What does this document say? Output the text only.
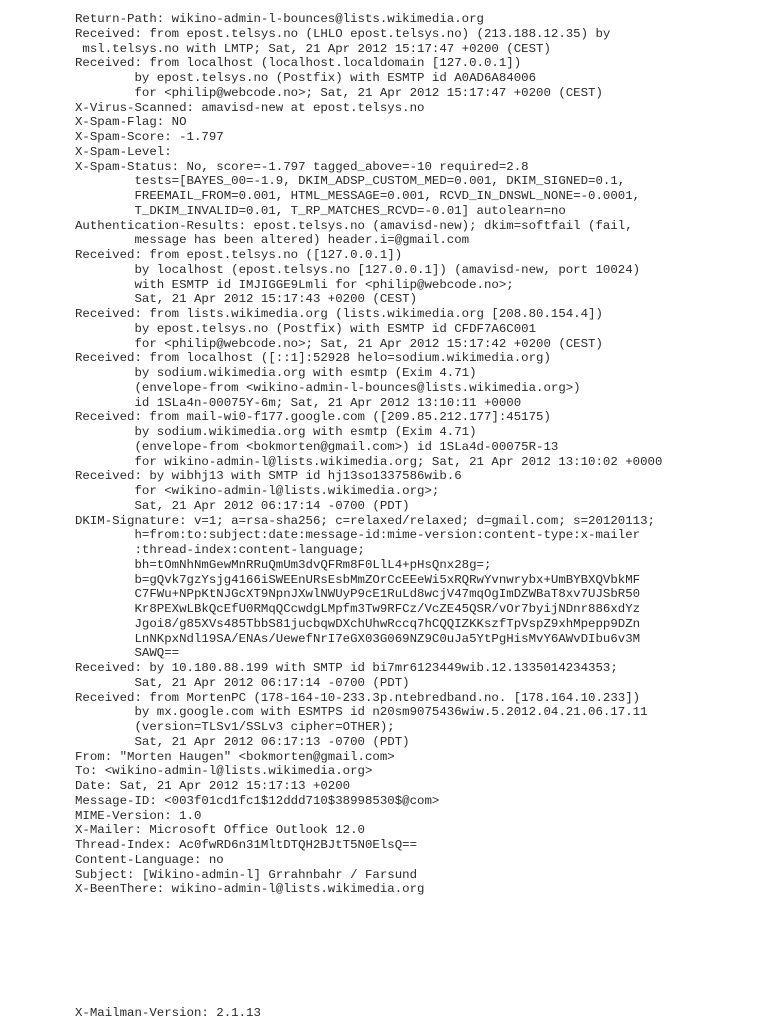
Return-Path: wikino-admin-l-bounces@lists.wikimedia.org
Received: from epost.telsys.no (LHLO epost.telsys.no) (213.188.12.35) by
msl.telsys.no with LMTP; Sat, 21 Apr 2012 15:17:47 +0200 (CEST)
Received: from localhost (localhost.localdomain [127.0.0.1])
by epost.telsys.no (Postfix) with ESMTP id A0AD6A84006
for <philip@webcode.no>; Sat, 21 Apr 2012 15:17:47 +0200 (CEST)
X-Virus-Scanned: amavisd-new at epost.telsys.no
X-Spam-Flag: NO
X-Spam-Score: -1.797
X-Spam-Level:
X-Spam-Status: No, score=-1.797 tagged_above=-10 required=2.8
tests=[BAYES_00=-1.9, DKIM_ADSP_CUSTOM_MED=0.001, DKIM_SIGNED=0.1,
FREEMAIL_FROM=0.001, HTML_MESSAGE=0.001, RCVD_IN_DNSWL_NONE=-0.0001,
T_DKIM_INVALID=0.01, T_RP_MATCHES_RCVD=-0.01] autolearn=no
Authentication-Results: epost.telsys.no (amavisd-new); dkim=softfail (fail,
message has been altered) header.i=@gmail.com
Received: from epost.telsys.no ([127.0.0.1])
by localhost (epost.telsys.no [127.0.0.1]) (amavisd-new, port 10024)
with ESMTP id IMJIGGE9Lmli for <philip@webcode.no>;
Sat, 21 Apr 2012 15:17:43 +0200 (CEST)
Received: from lists.wikimedia.org (lists.wikimedia.org [208.80.154.4])
by epost.telsys.no (Postfix) with ESMTP id CFDF7A6C001
for <philip@webcode.no>; Sat, 21 Apr 2012 15:17:42 +0200 (CEST)
Received: from localhost ([::1]:52928 helo=sodium.wikimedia.org)
by sodium.wikimedia.org with esmtp (Exim 4.71)
(envelope-from <wikino-admin-l-bounces@lists.wikimedia.org>)
id 1SLa4n-00075Y-6m; Sat, 21 Apr 2012 13:10:11 +0000
Received: from mail-wi0-f177.google.com ([209.85.212.177]:45175)
by sodium.wikimedia.org with esmtp (Exim 4.71)
(envelope-from <bokmorten@gmail.com>) id 1SLa4d-00075R-13
for wikino-admin-l@lists.wikimedia.org; Sat, 21 Apr 2012 13:10:02 +0000
Received: by wibhj13 with SMTP id hj13so1337586wib.6
for <wikino-admin-l@lists.wikimedia.org>;
Sat, 21 Apr 2012 06:17:14 -0700 (PDT)
DKIM-Signature: v=1; a=rsa-sha256; c=relaxed/relaxed; d=gmail.com; s=20120113;
h=from:to:subject:date:message-id:mime-version:content-type:x-mailer
:thread-index:content-language;
bh=tOmNhNmGewMnRRuQmUm3dvQFRm8F0LlL4+pHsQnx28g=;
b=gQvk7gzYsjg4166iSWEEnURsEsbMmZOrCcEEeWi5xRQRwYvnwrybx+UmBYBXQVbkMF
C7FWu+NPpKtNJGcXT9NpnJXwlNWUyP9cE1RuLd8wcjV47mqOgImDZWBaT8xv7UJSbR50
Kr8PEXwLBkQcEfU0RMqQCcwdgLMpfm3Tw9RFCz/VcZE45QSR/vOr7byijNDnr886xdYz
Jgoi8/g85XVs485TbbS81jucbqwDXchUhwRccq7hCQQIZKKszfTpVspZ9xhMpepp9DZn
LnNKpxNdl19SA/ENAs/UewefNrI7eGX03G069NZ9C0uJa5YtPgHisMvY6AWvDIbu6v3M
SAWQ==
Received: by 10.180.88.199 with SMTP id bi7mr6123449wib.12.1335014234353;
Sat, 21 Apr 2012 06:17:14 -0700 (PDT)
Received: from MortenPC (178-164-10-233.3p.ntebredband.no. [178.164.10.233])
by mx.google.com with ESMTPS id n20sm9075436wiw.5.2012.04.21.06.17.11
(version=TLSv1/SSLv3 cipher=OTHER);
Sat, 21 Apr 2012 06:17:13 -0700 (PDT)
From: "Morten Haugen" <bokmorten@gmail.com>
To: <wikino-admin-l@lists.wikimedia.org>
Date: Sat, 21 Apr 2012 15:17:13 +0200
Message-ID: <003f01cd1fc1$12ddd710$38998530$@com>
MIME-Version: 1.0
X-Mailer: Microsoft Office Outlook 12.0
Thread-Index: Ac0fwRD6n31MltDTQH2BJtT5N0ElsQ==
Content-Language: no
Subject: [Wikino-admin-l] Grrahnbahr / Farsund
X-BeenThere: wikino-admin-l@lists.wikimedia.org
X-Mailman-Version: 2.1.13
